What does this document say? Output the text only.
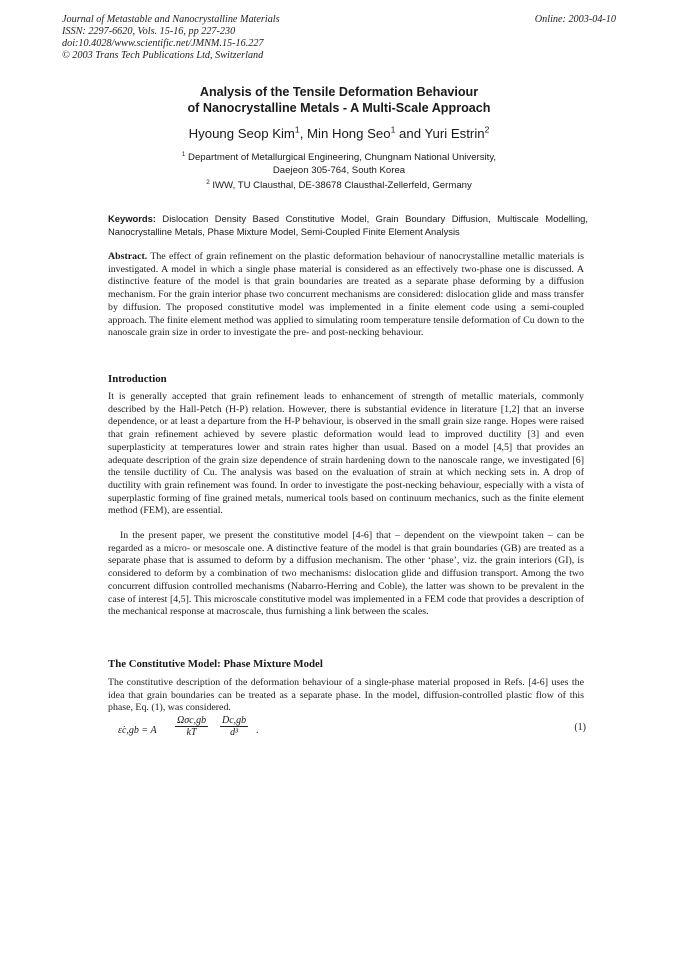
Journal of Metastable and Nanocrystalline Materials
ISSN: 2297-6620, Vols. 15-16, pp 227-230
doi:10.4028/www.scientific.net/JMNM.15-16.227
© 2003 Trans Tech Publications Ltd, Switzerland
Online: 2003-04-10
Analysis of the Tensile Deformation Behaviour
of Nanocrystalline Metals - A Multi-Scale Approach
Hyoung Seop Kim$^1$, Min Hong Seo$^1$ and Yuri Estrin$^2$
$^1$ Department of Metallurgical Engineering, Chungnam National University,
Daejeon 305-764, South Korea
$^2$ IWW, TU Clausthal, DE-38678 Clausthal-Zellerfeld, Germany
Keywords: Dislocation Density Based Constitutive Model, Grain Boundary Diffusion, Multiscale Modelling, Nanocrystalline Metals, Phase Mixture Model, Semi-Coupled Finite Element Analysis
Abstract. The effect of grain refinement on the plastic deformation behaviour of nanocrystalline metallic materials is investigated. A model in which a single phase material is considered as an effectively two-phase one is discussed. A distinctive feature of the model is that grain boundaries are treated as a separate phase deforming by a diffusion mechanism. For the grain interior phase two concurrent mechanisms are considered: dislocation glide and mass transfer by diffusion. The proposed constitutive model was implemented in a finite element code using a semi-coupled approach. The finite element method was applied to simulating room temperature tensile deformation of Cu down to the nanoscale grain size in order to investigate the pre- and post-necking behaviour.
Introduction
It is generally accepted that grain refinement leads to enhancement of strength of metallic materials, commonly described by the Hall-Petch (H-P) relation. However, there is substantial evidence in literature [1,2] that an inverse dependence, or at least a departure from the H-P behaviour, is observed in the small grain size range. Hopes were raised that grain refinement achieved by severe plastic deformation would lead to improved ductility [3] and even superplasticity at temperatures lower and strain rates higher than usual. Based on a model [4,5] that provides an adequate description of the grain size dependence of strain hardening down to the nanoscale range, we investigated [6] the tensile ductility of Cu. The analysis was based on the evaluation of strain at which necking sets in. A drop of ductility with grain refinement was found. In order to investigate the post-necking behaviour, especially with a vista of superplastic forming of fine grained metals, numerical tools based on continuum mechanics, such as the finite element method (FEM), are essential.
In the present paper, we present the constitutive model [4-6] that – dependent on the viewpoint taken – can be regarded as a micro- or mesoscale one. A distinctive feature of the model is that grain boundaries (GB) are treated as a separate phase that is assumed to deform by a diffusion mechanism. The other ‘phase’, viz. the grain interiors (GI), is considered to deform by a combination of two mechanisms: dislocation glide and diffusion transport. Among the two concurrent diffusion controlled mechanisms (Nabarro-Herring and Coble), the latter was shown to be prevalent in the case of interest [4,5]. This microscale constitutive model was implemented in a FEM code that provides a description of the mechanical response at macroscale, thus furnishing a link between the scales.
The Constitutive Model: Phase Mixture Model
The constitutive description of the deformation behaviour of a single-phase material proposed in Refs. [4-6] uses the idea that grain boundaries can be treated as a separate phase. In the model, diffusion-controlled plastic flow of this phase, Eq. (1), was considered.
ε̇c,gb = A
Ωσc,gb
kT	$\frac{Dc,gb}{\text{d³}}$ .	(1)
